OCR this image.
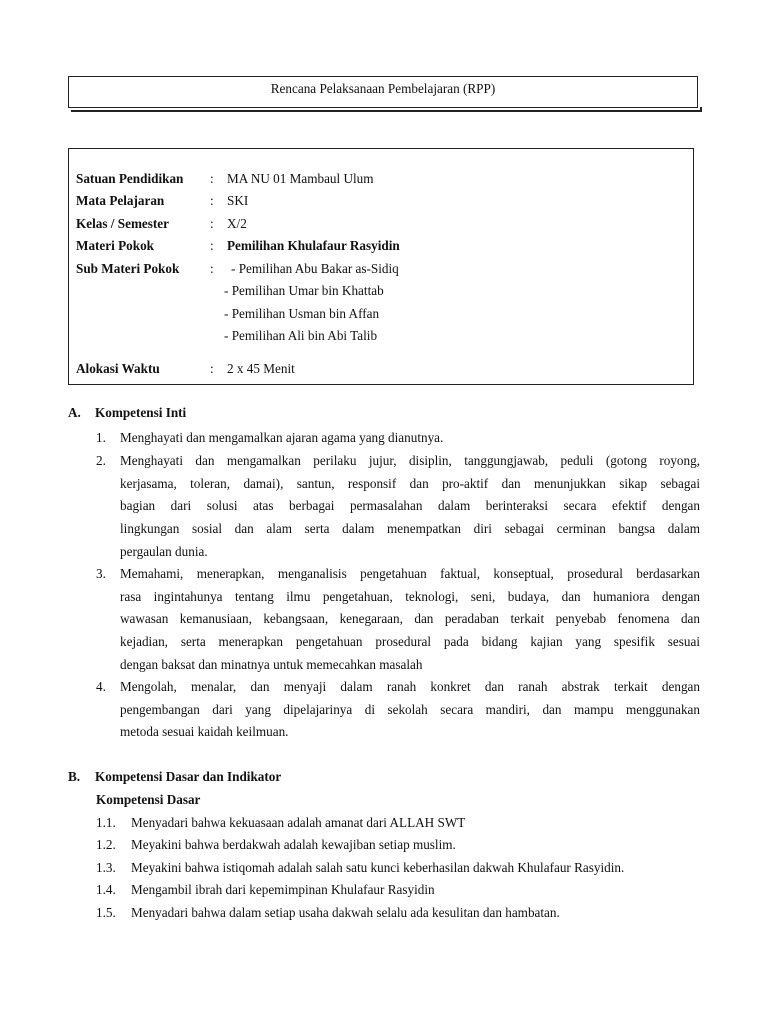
Rencana Pelaksanaan Pembelajaran (RPP)
Satuan Pendidikan : MA NU 01 Mambaul Ulum
Mata Pelajaran	: SKI
Kelas / Semester	: X/2
Materi Pokok	: Pemilihan Khulafaur Rasyidin
Sub Materi Pokok : - Pemilihan Abu Bakar as-Sidiq
- Pemilihan Umar bin Khattab
- Pemilihan Usman bin Affan
- Pemilihan Ali bin Abi Talib
Alokasi Waktu	: 2 x 45 Menit
A. Kompetensi Inti
1. Menghayati dan mengamalkan ajaran agama yang dianutnya.
2. Menghayati dan mengamalkan perilaku jujur, disiplin, tanggungjawab, peduli (gotong royong,
kerjasama, toleran, damai), santun, responsif dan pro-aktif dan menunjukkan sikap sebagai
bagian dari solusi atas berbagai permasalahan dalam berinteraksi secara efektif dengan
lingkungan sosial dan alam serta dalam menempatkan diri sebagai cerminan bangsa dalam
pergaulan dunia.
3. Memahami, menerapkan, menganalisis pengetahuan faktual, konseptual, prosedural berdasarkan
rasa ingintahunya tentang ilmu pengetahuan, teknologi, seni, budaya, dan humaniora dengan
wawasan kemanusiaan, kebangsaan, kenegaraan, dan peradaban terkait penyebab fenomena dan
kejadian, serta menerapkan pengetahuan prosedural pada bidang kajian yang spesifik sesuai
dengan baksat dan minatnya untuk memecahkan masalah
4. Mengolah, menalar, dan menyaji dalam ranah konkret dan ranah abstrak terkait dengan
pengembangan dari yang dipelajarinya di sekolah secara mandiri, dan mampu menggunakan
metoda sesuai kaidah keilmuan.
B. Kompetensi Dasar dan Indikator
Kompetensi Dasar
1.1. Menyadari bahwa kekuasaan adalah amanat dari ALLAH SWT
1.2. Meyakini bahwa berdakwah adalah kewajiban setiap muslim.
1.3. Meyakini bahwa istiqomah adalah salah satu kunci keberhasilan dakwah Khulafaur Rasyidin.
1.4. Mengambil ibrah dari kepemimpinan Khulafaur Rasyidin
1.5. Menyadari bahwa dalam setiap usaha dakwah selalu ada kesulitan dan hambatan.
